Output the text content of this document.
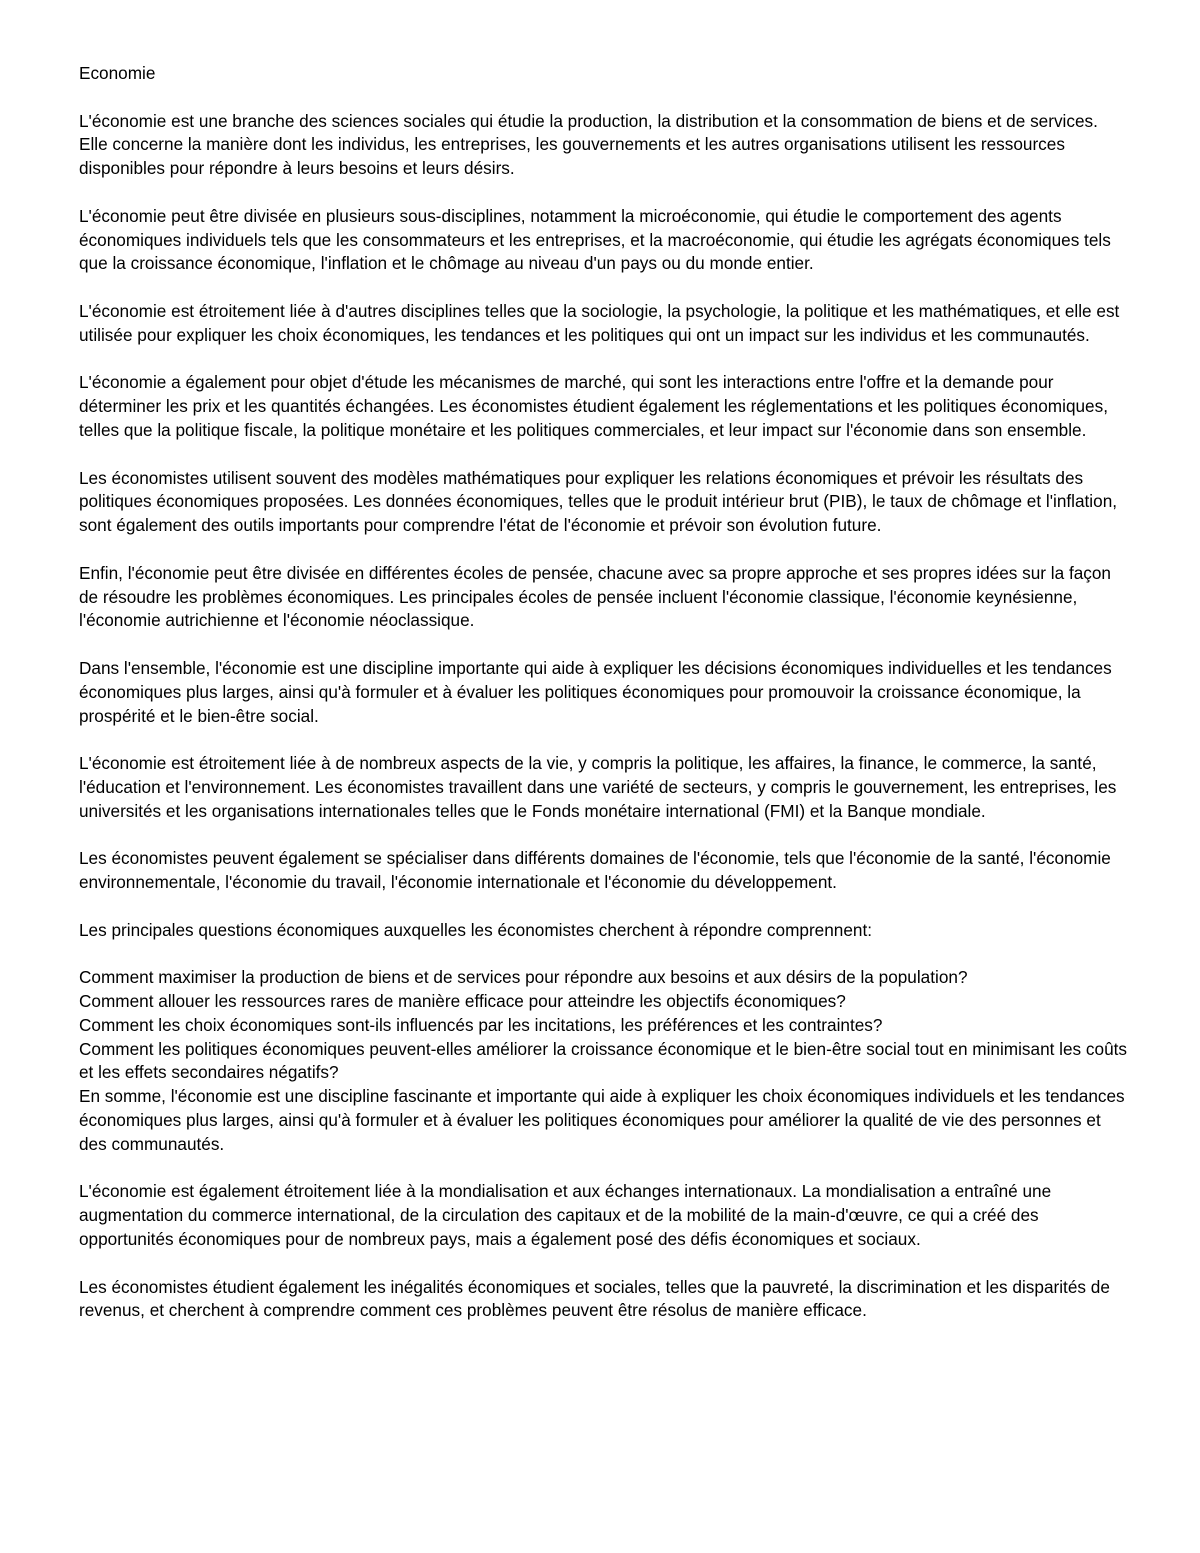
Economie

L'économie est une branche des sciences sociales qui étudie la production, la distribution et la consommation de biens et de services. Elle concerne la manière dont les individus, les entreprises, les gouvernements et les autres organisations utilisent les ressources disponibles pour répondre à leurs besoins et leurs désirs.

L'économie peut être divisée en plusieurs sous-disciplines, notamment la microéconomie, qui étudie le comportement des agents économiques individuels tels que les consommateurs et les entreprises, et la macroéconomie, qui étudie les agrégats économiques tels que la croissance économique, l'inflation et le chômage au niveau d'un pays ou du monde entier.

L'économie est étroitement liée à d'autres disciplines telles que la sociologie, la psychologie, la politique et les mathématiques, et elle est utilisée pour expliquer les choix économiques, les tendances et les politiques qui ont un impact sur les individus et les communautés.

L'économie a également pour objet d'étude les mécanismes de marché, qui sont les interactions entre l'offre et la demande pour déterminer les prix et les quantités échangées. Les économistes étudient également les réglementations et les politiques économiques, telles que la politique fiscale, la politique monétaire et les politiques commerciales, et leur impact sur l'économie dans son ensemble.

Les économistes utilisent souvent des modèles mathématiques pour expliquer les relations économiques et prévoir les résultats des politiques économiques proposées. Les données économiques, telles que le produit intérieur brut (PIB), le taux de chômage et l'inflation, sont également des outils importants pour comprendre l'état de l'économie et prévoir son évolution future.

Enfin, l'économie peut être divisée en différentes écoles de pensée, chacune avec sa propre approche et ses propres idées sur la façon de résoudre les problèmes économiques. Les principales écoles de pensée incluent l'économie classique, l'économie keynésienne, l'économie autrichienne et l'économie néoclassique.

Dans l'ensemble, l'économie est une discipline importante qui aide à expliquer les décisions économiques individuelles et les tendances économiques plus larges, ainsi qu'à formuler et à évaluer les politiques économiques pour promouvoir la croissance économique, la prospérité et le bien-être social.

L'économie est étroitement liée à de nombreux aspects de la vie, y compris la politique, les affaires, la finance, le commerce, la santé, l'éducation et l'environnement. Les économistes travaillent dans une variété de secteurs, y compris le gouvernement, les entreprises, les universités et les organisations internationales telles que le Fonds monétaire international (FMI) et la Banque mondiale.

Les économistes peuvent également se spécialiser dans différents domaines de l'économie, tels que l'économie de la santé, l'économie environnementale, l'économie du travail, l'économie internationale et l'économie du développement.

Les principales questions économiques auxquelles les économistes cherchent à répondre comprennent:

Comment maximiser la production de biens et de services pour répondre aux besoins et aux désirs de la population?

Comment allouer les ressources rares de manière efficace pour atteindre les objectifs économiques?

Comment les choix économiques sont-ils influencés par les incitations, les préférences et les contraintes?

Comment les politiques économiques peuvent-elles améliorer la croissance économique et le bien-être social tout en minimisant les coûts et les effets secondaires négatifs?

En somme, l'économie est une discipline fascinante et importante qui aide à expliquer les choix économiques individuels et les tendances économiques plus larges, ainsi qu'à formuler et à évaluer les politiques économiques pour améliorer la qualité de vie des personnes et des communautés.

L'économie est également étroitement liée à la mondialisation et aux échanges internationaux. La mondialisation a entraîné une augmentation du commerce international, de la circulation des capitaux et de la mobilité de la main-d'œuvre, ce qui a créé des opportunités économiques pour de nombreux pays, mais a également posé des défis économiques et sociaux.

Les économistes étudient également les inégalités économiques et sociales, telles que la pauvreté, la discrimination et les disparités de revenus, et cherchent à comprendre comment ces problèmes peuvent être résolus de manière efficace.
